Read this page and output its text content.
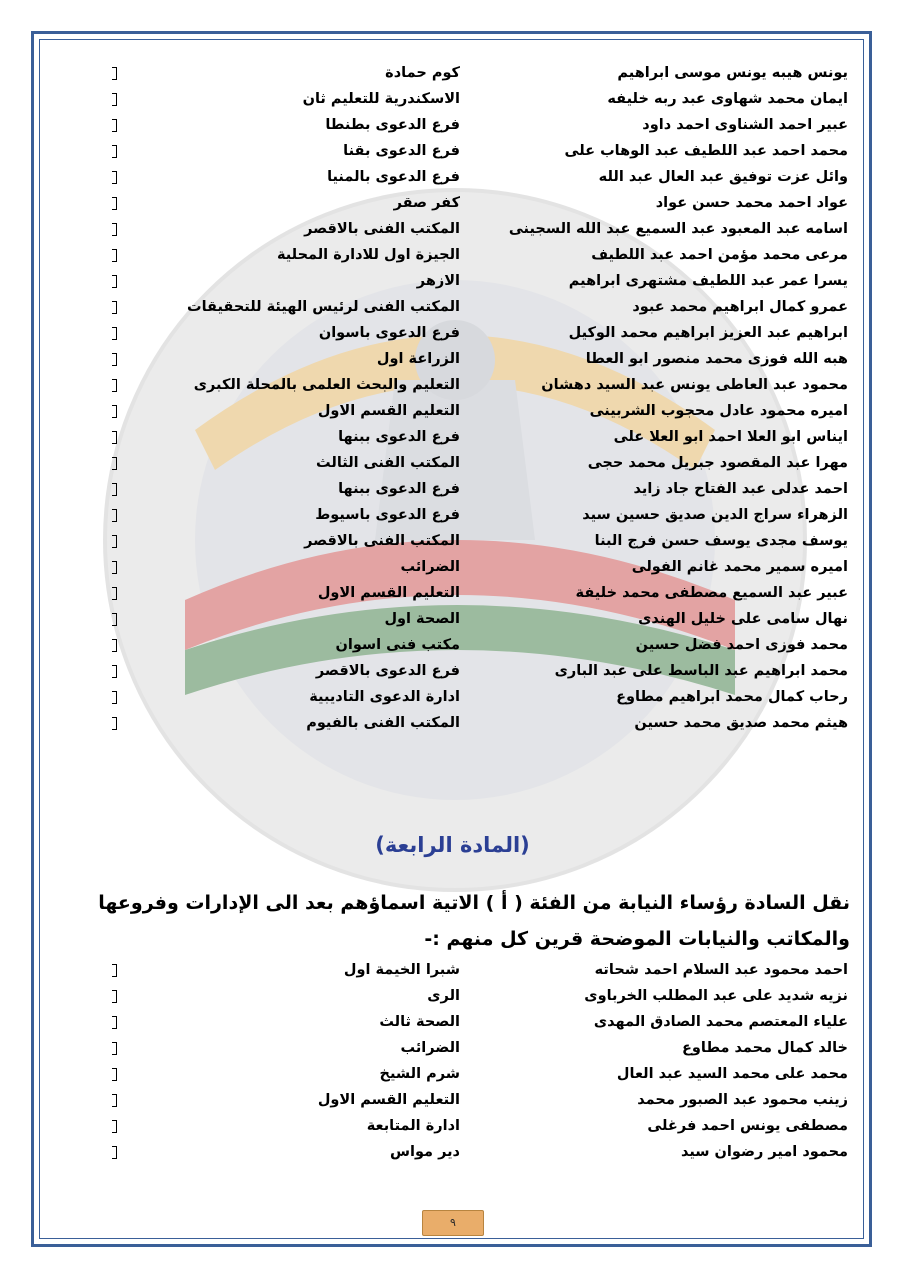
يونس هيبه يونس موسى ابراهيم
كوم حمادة
ايمان محمد شهاوى عبد ربه خليفه
الاسكندرية للتعليم ثان
عبير احمد الشناوى احمد داود
فرع الدعوى بطنطا
محمد احمد عبد اللطيف عبد الوهاب على
فرع الدعوى بقنا
وائل عزت توفيق عبد العال عبد الله
فرع الدعوى بالمنيا
عواد احمد محمد حسن عواد
كفر صقر
اسامه عبد المعبود عبد السميع عبد الله السجينى
المكتب الفنى بالاقصر
مرعى محمد مؤمن احمد عبد اللطيف
الجيزة اول للادارة المحلية
يسرا عمر عبد اللطيف مشتهرى ابراهيم
الازهر
عمرو كمال ابراهيم محمد عبود
المكتب الفنى لرئيس الهيئة للتحقيقات
ابراهيم عبد العزيز ابراهيم محمد الوكيل
فرع الدعوى باسوان
هبه الله فوزى محمد منصور ابو العطا
الزراعة اول
محمود عبد العاطى يونس عبد السيد دهشان
التعليم والبحث العلمى بالمحلة الكبرى
اميره محمود عادل محجوب الشربينى
التعليم القسم الاول
ايناس ابو العلا احمد ابو العلا على
فرع الدعوى ببنها
مهرا عبد المقصود جبريل محمد حجى
المكتب الفنى الثالث
احمد عدلى عبد الفتاح جاد زايد
فرع الدعوى ببنها
الزهراء سراج الدين صديق حسين سيد
فرع الدعوى باسيوط
يوسف مجدى يوسف حسن فرج البنا
المكتب الفنى بالاقصر
اميره سمير محمد غانم الفولى
الضرائب
عبير عبد السميع مصطفى محمد خليفة
التعليم القسم الاول
نهال سامى على خليل الهندى
الصحة اول
محمد فوزى احمد فضل حسين
مكتب فنى اسوان
محمد ابراهيم عبد الباسط على عبد البارى
فرع الدعوى بالاقصر
رحاب كمال محمد ابراهيم مطاوع
ادارة الدعوى التاديبية
هيثم محمد صديق محمد حسين
المكتب الفنى بالفيوم
(المادة الرابعة)
نقل السادة رؤساء النيابة من الفئة ( أ ) الاتية اسماؤهم بعد الى الإدارات وفروعها
والمكاتب والنيابات الموضحة قرين كل منهم :-
احمد محمود عبد السلام احمد شحاته
شبرا الخيمة اول
نزيه شديد على عبد المطلب الخرباوى
الرى
علياء المعتصم محمد الصادق المهدى
الصحة ثالث
خالد كمال محمد مطاوع
الضرائب
محمد على محمد السيد عبد العال
شرم الشيخ
زينب محمود عبد الصبور محمد
التعليم القسم الاول
مصطفى يونس احمد فرغلى
ادارة المتابعة
محمود امير رضوان سيد
دير مواس
٩
